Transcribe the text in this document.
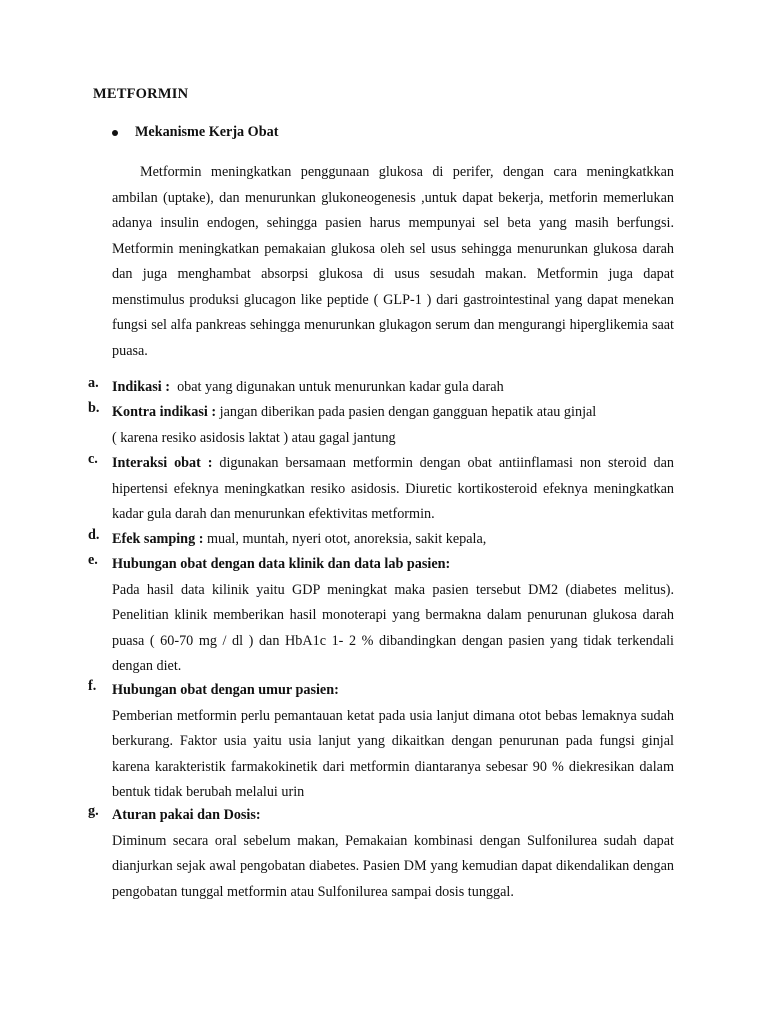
METFORMIN
Mekanisme Kerja Obat

Metformin meningkatkan penggunaan glukosa di perifer, dengan cara meningkatkkan ambilan (uptake), dan menurunkan glukoneogenesis ,untuk dapat bekerja, metforin memerlukan adanya insulin endogen, sehingga pasien harus mempunyai sel beta yang masih berfungsi. Metformin meningkatkan pemakaian glukosa oleh sel usus sehingga menurunkan glukosa darah dan juga menghambat absorpsi glukosa di usus sesudah makan. Metformin juga dapat menstimulus produksi glucagon like peptide ( GLP-1 ) dari gastrointestinal yang dapat menekan fungsi sel alfa pankreas sehingga menurunkan glukagon serum dan mengurangi hiperglikemia saat puasa.

a. Indikasi :  obat yang digunakan untuk menurunkan kadar gula darah

b. Kontra indikasi : jangan diberikan pada pasien dengan gangguan hepatik atau ginjal

( karena resiko asidosis laktat ) atau gagal jantung

c. Interaksi obat : digunakan bersamaan metformin dengan obat antiinflamasi non steroid dan hipertensi efeknya meningkatkan resiko asidosis. Diuretic kortikosteroid efeknya meningkatkan kadar gula darah dan menurunkan efektivitas metformin.

d. Efek samping : mual, muntah, nyeri otot, anoreksia, sakit kepala,

e. Hubungan obat dengan data klinik dan data lab pasien:

Pada hasil data kilinik yaitu GDP meningkat maka pasien tersebut DM2 (diabetes melitus). Penelitian klinik memberikan hasil monoterapi yang bermakna dalam penurunan glukosa darah puasa ( 60-70 mg / dl ) dan HbA1c 1- 2 % dibandingkan dengan pasien yang tidak terkendali dengan diet.

f.	Hubungan obat dengan umur pasien:

Pemberian metformin perlu pemantauan ketat pada usia lanjut dimana otot bebas lemaknya sudah berkurang. Faktor usia yaitu usia lanjut yang dikaitkan dengan penurunan pada fungsi ginjal karena karakteristik farmakokinetik dari metformin diantaranya sebesar 90 % diekresikan dalam bentuk tidak berubah melalui urin

g. Aturan pakai dan Dosis:

Diminum secara oral sebelum makan, Pemakaian kombinasi dengan Sulfonilurea sudah dapat dianjurkan sejak awal pengobatan diabetes. Pasien DM yang kemudian dapat dikendalikan dengan pengobatan tunggal metformin atau Sulfonilurea sampai dosis tunggal.
